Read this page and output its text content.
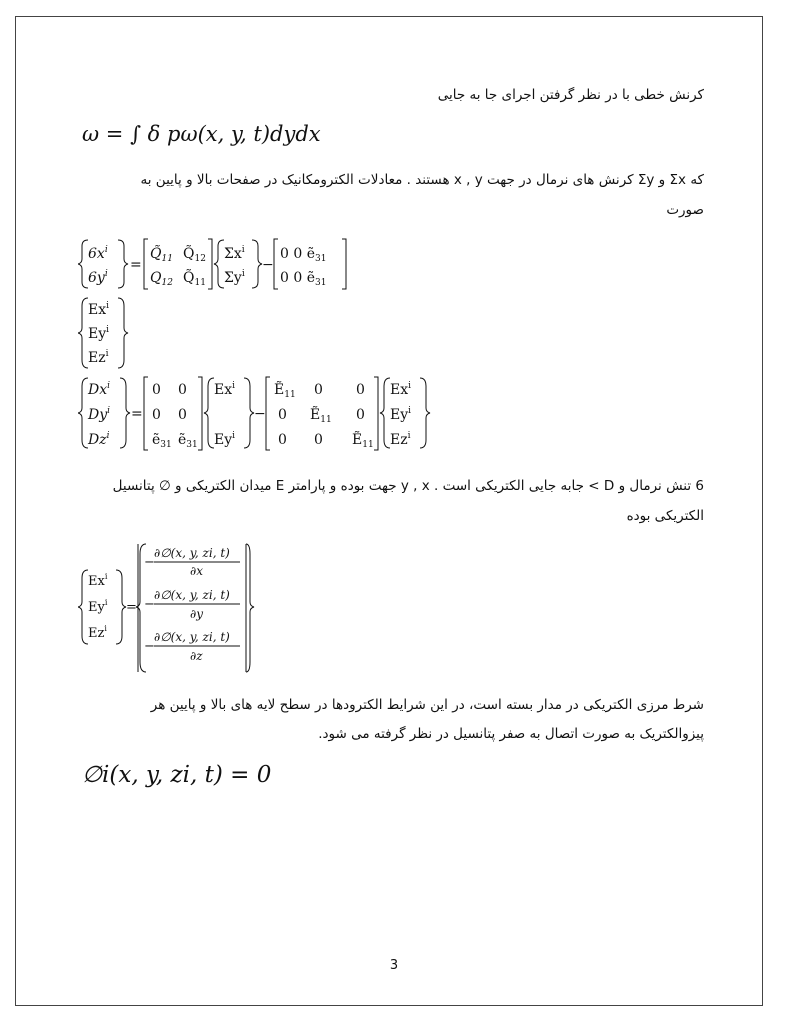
کرنش خطی با در نظر گرفتن اجرای جا به جایی
ω = ∫ δ pω(x, y, t)dydx
که Σx و Σy کرنش های نرمال در جهت x , y هستند . معادلات الکترومکانیک در صفحات بالا و پایین به
صورت
$6x^i$
$6y^i$
=
$Q̃_{11}$ $Q̃_{12}$
$Q_{12}$ $Q̃_{11}$
$\Sigma x^i$
$\Sigma y^i$
−
0 0 ẽ$_{31}$
0 0 ẽ$_{31}$
Ex$^i$
Ey$^i$
Ez$^i$
Dx$^i$
Dy$^i$
$Dz^i$
=
0 0
0 0
ẽ$_{31}$ ẽ$_{31}$
Ex$^i$
$Ey^i$
−
Ẽ$_{11}$ 0 0
0 Ẽ$_{11}$ 0
0 0 Ẽ$_{11}$
Ex$^i$
Ey$^i$
Ez$^i$
6 تنش نرمال و D > جابه جایی الکتریکی است . y , x جهت بوده و پارامتر E میدان الکتریکی و ∅ پتانسیل
الکتریکی بوده
Ex$^i$
Ey$^i$
$Ez^i$
=
−
∂∅(x, y, zi, t)
∂x
−
∂∅(x, y, zi, t)
∂y
−
∂∅(x, y, zi, t)
∂z
شرط مرزی الکتریکی در مدار بسته است، در این شرایط الکترودها در سطح لایه های بالا و پایین هر
پیزوالکتریک به صورت اتصال به صفر پتانسیل در نظر گرفته می شود.
∅i(x, y, zi, t) = 0
3
